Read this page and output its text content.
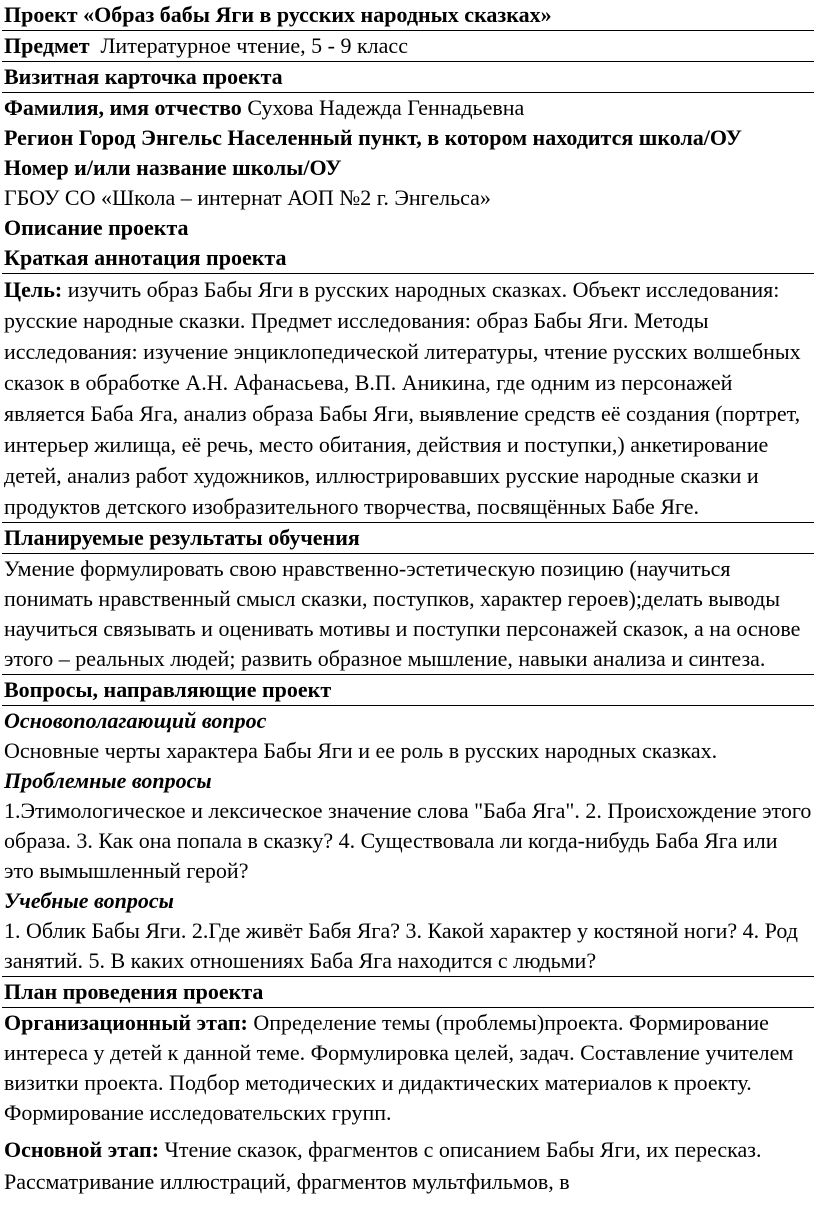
Проект «Образ бабы Яги в русских народных сказках»

Предмет Литературное чтение, 5 - 9 класс

Визитная карточка проекта

Фамилия, имя отчество Сухова Надежда Геннадьевна

Регион Город Энгельс Населенный пункт, в котором находится школа/ОУ Номер и/или название школы/ОУ

ГБОУ СО «Школа – интернат АОП №2 г. Энгельса»

Описание проекта

Краткая аннотация проекта

Цель: изучить образ Бабы Яги в русских народных сказках. Объект исследования: русские народные сказки. Предмет исследования: образ Бабы Яги. Методы исследования: изучение энциклопедической литературы, чтение русских волшебных сказок в обработке А.Н. Афанасьева, В.П. Аникина, где одним из персонажей является Баба Яга, анализ образа Бабы Яги, выявление средств её создания (портрет, интерьер жилища, её речь, место обитания, действия и поступки,) анкетирование детей, анализ работ художников, иллюстрировавших русские народные сказки и продуктов детского изобразительного творчества, посвящённых Бабе Яге.

Планируемые результаты обучения

Умение формулировать свою нравственно-эстетическую позицию (научиться понимать нравственный смысл сказки, поступков, характер героев);делать выводы научиться связывать и оценивать мотивы и поступки персонажей сказок, а на основе этого – реальных людей; развить образное мышление, навыки анализа и синтеза.

Вопросы, направляющие проект

Основополагающий вопрос

Основные черты характера Бабы Яги и ее роль в русских народных сказках.

Проблемные вопросы

1.Этимологическое и лексическое значение слова "Баба Яга". 2. Происхождение этого образа. 3. Как она попала в сказку? 4. Существовала ли когда-нибудь Баба Яга или это вымышленный герой?

Учебные вопросы

1. Облик Бабы Яги. 2.Где живёт Бабя Яга? 3. Какой характер у костяной ноги? 4. Род занятий. 5. В каких отношениях Баба Яга находится с людьми?

План проведения проекта

Организационный этап: Определение темы (проблемы)проекта. Формирование интереса у детей к данной теме. Формулировка целей, задач. Составление учителем визитки проекта. Подбор методических и дидактических материалов к проекту. Формирование исследовательских групп.

Основной этап: Чтение сказок, фрагментов с описанием Бабы Яги, их пересказ. Рассматривание иллюстраций, фрагментов мультфильмов, в
